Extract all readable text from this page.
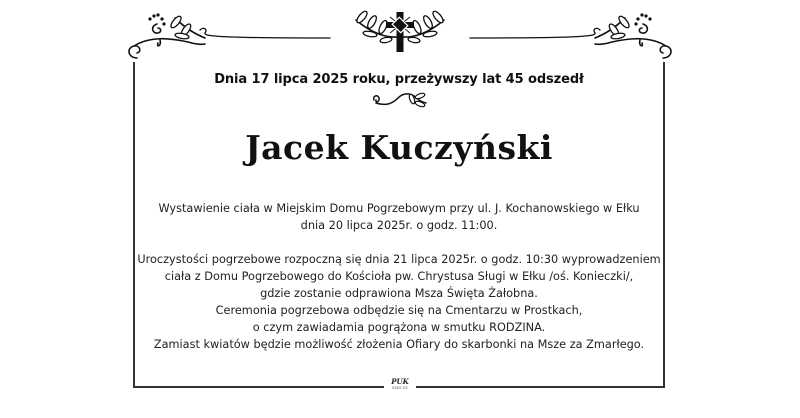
Dnia 17 lipca 2025 roku, przeżywszy lat 45 odszedł
Jacek Kuczyński
Wystawienie ciała w Miejskim Domu Pogrzebowym przy ul. J. Kochanowskiego w Ełku
dnia 20 lipca 2025r. o godz. 11:00.
Uroczystości pogrzebowe rozpoczną się dnia 21 lipca 2025r. o godz. 10:30 wyprowadzeniem
ciała z Domu Pogrzebowego do Kościoła pw. Chrystusa Sługi w Ełku /oś. Konieczki/,
gdzie zostanie odprawiona Msza Święta Żałobna.
Ceremonia pogrzebowa odbędzie się na Cmentarzu w Prostkach,
o czym zawiadamia pogrążona w smutku RODZINA.
Zamiast kwiatów będzie możliwość złożenia Ofiary do skarbonki na Msze za Zmarłego.
PUK
EEEE EE
